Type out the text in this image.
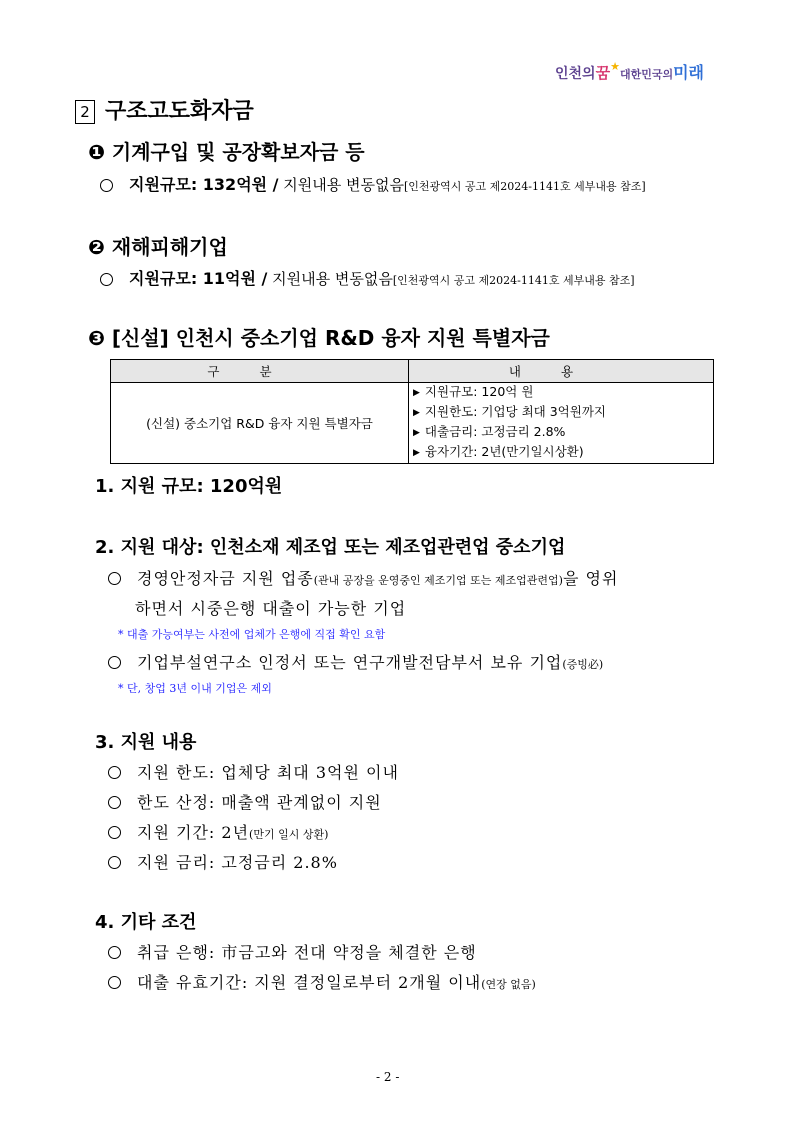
인천의꿈★대한민국의미래
2 구조고도화자금
❶ 기계구입 및 공장확보자금 등
지원규모: 132억원 / 지원내용 변동없음[인천광역시 공고 제2024-1141호 세부내용 참조]
❷ 재해피해기업
지원규모: 11억원 / 지원내용 변동없음[인천광역시 공고 제2024-1141호 세부내용 참조]
❸ [신설] 인천시 중소기업 R&D 융자 지원 특별자금
구분	내용
(신설) 중소기업 R&D 융자 지원 특별자금	▶ 지원규모: 120억 원
▶ 지원한도: 기업당 최대 3억원까지
▶ 대출금리: 고정금리 2.8%
▶ 융자기간: 2년(만기일시상환)
1. 지원 규모: 120억원
2. 지원 대상: 인천소재 제조업 또는 제조업관련업 중소기업
경영안정자금 지원 업종(관내 공장을 운영중인 제조기업 또는 제조업관련업)을 영위
하면서 시중은행 대출이 가능한 기업
* 대출 가능여부는 사전에 업체가 은행에 직접 확인 요함
기업부설연구소 인정서 또는 연구개발전담부서 보유 기업(증빙必)
* 단, 창업 3년 이내 기업은 제외
3. 지원 내용
지원 한도: 업체당 최대 3억원 이내
한도 산정: 매출액 관계없이 지원
지원 기간: 2년(만기 일시 상환)
지원 금리: 고정금리 2.8%
4. 기타 조건
취급 은행: 市금고와 전대 약정을 체결한 은행
대출 유효기간: 지원 결정일로부터 2개월 이내(연장 없음)
- 2 -
